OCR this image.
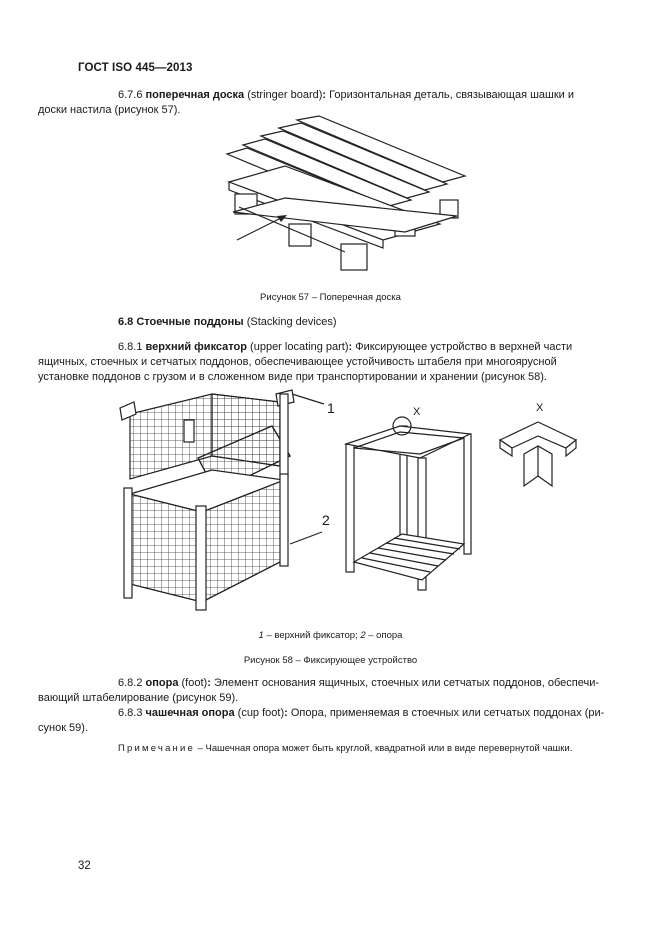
ГОСТ ISO 445—2013
6.7.6 поперечная доска (stringer board): Горизонтальная деталь, связывающая шашки и
доски настила (рисунок 57).
Рисунок 57 – Поперечная доска
6.8 Стоечные поддоны (Stacking devices)
6.8.1 верхний фиксатор (upper locating part): Фиксирующее устройство в верхней части
ящичных, стоечных и сетчатых поддонов, обеспечивающее устойчивость штабеля при многоярусной
установке поддонов с грузом и в сложенном виде при транспортировании и хранении (рисунок 58).
1
2
X	X
1 – верхний фиксатор; 2 – опора
Рисунок 58 – Фиксирующее устройство
6.8.2 опора (foot): Элемент основания ящичных, стоечных или сетчатых поддонов, обеспечи-
вающий штабелирование (рисунок 59).
6.8.3 чашечная опора (cup foot): Опора, применяемая в стоечных или сетчатых поддонах (ри-
сунок 59).
Примечание – Чашечная опора может быть круглой, квадратной или в виде перевернутой чашки.
32
